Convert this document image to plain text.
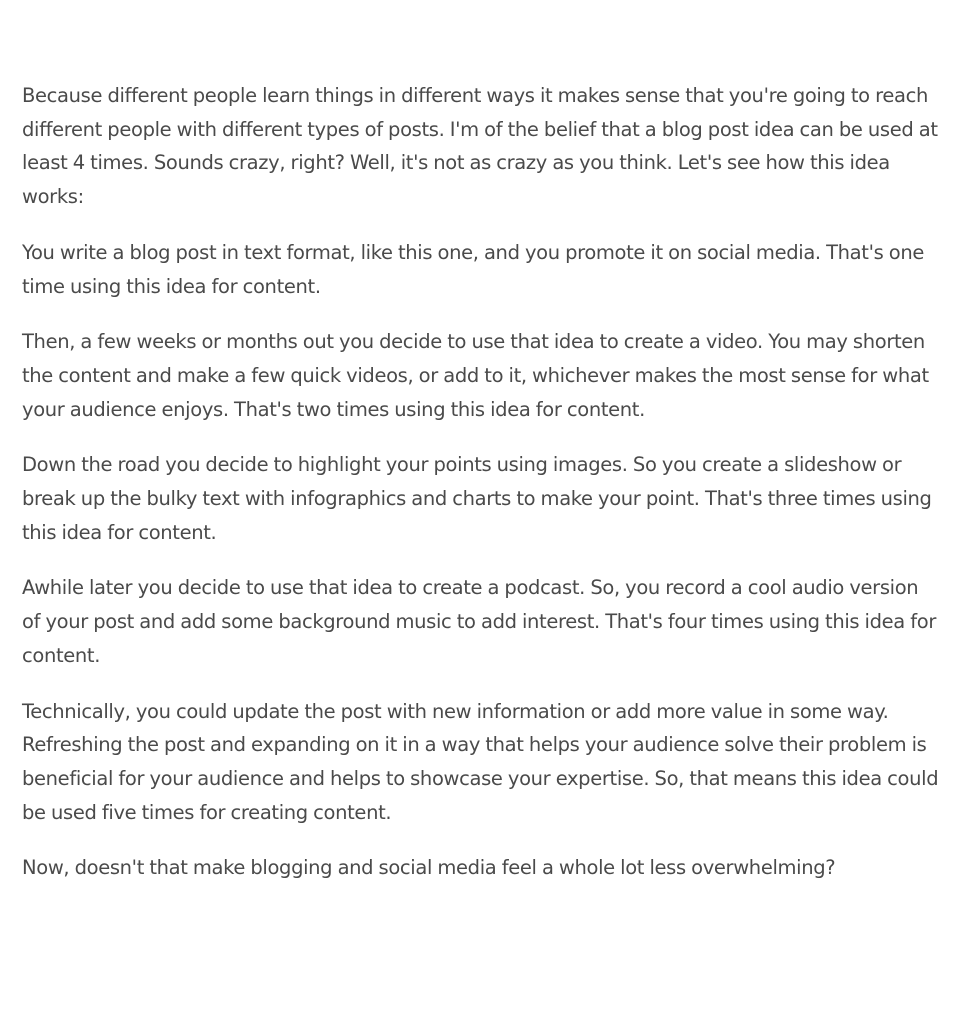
Because different people learn things in different ways it makes sense that you're going to reach different people with different types of posts. I'm of the belief that a blog post idea can be used at least 4 times. Sounds crazy, right? Well, it's not as crazy as you think. Let's see how this idea works:

You write a blog post in text format, like this one, and you promote it on social media. That's one time using this idea for content.

Then, a few weeks or months out you decide to use that idea to create a video. You may shorten the content and make a few quick videos, or add to it, whichever makes the most sense for what your audience enjoys. That's two times using this idea for content.

Down the road you decide to highlight your points using images. So you create a slideshow or break up the bulky text with infographics and charts to make your point. That's three times using this idea for content.

Awhile later you decide to use that idea to create a podcast. So, you record a cool audio version of your post and add some background music to add interest. That's four times using this idea for content.

Technically, you could update the post with new information or add more value in some way. Refreshing the post and expanding on it in a way that helps your audience solve their problem is beneficial for your audience and helps to showcase your expertise. So, that means this idea could be used five times for creating content.

Now, doesn't that make blogging and social media feel a whole lot less overwhelming?
